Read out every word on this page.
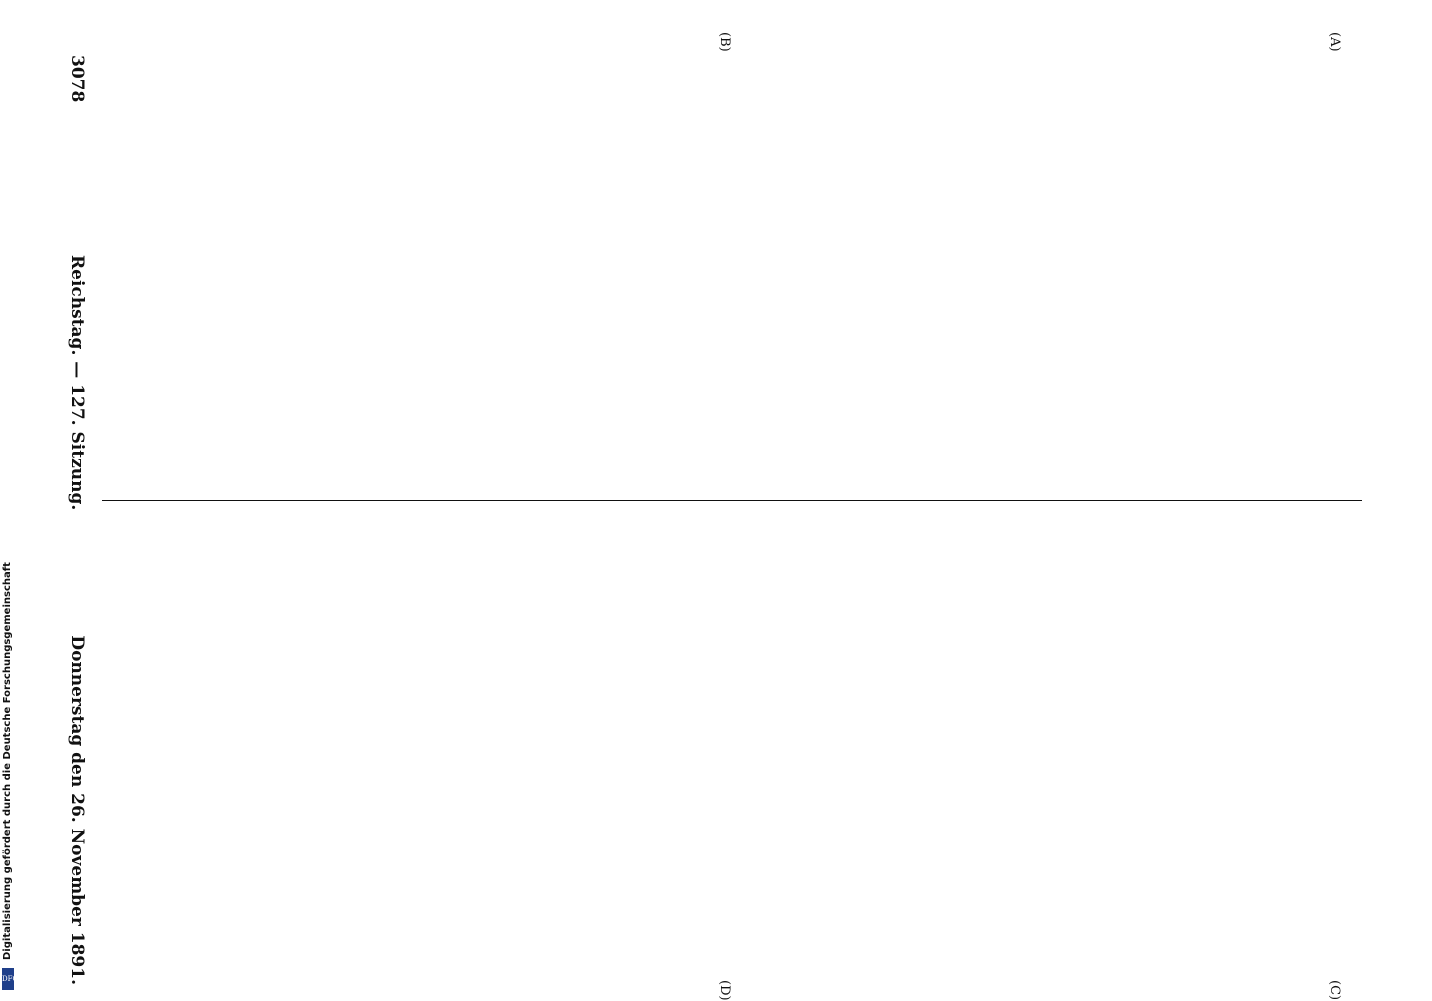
3078
Reichstag. — 127. Sitzung.
Donnerstag den 26. November 1891.
(A)
(B)
(C)
(D)
Digitalisierung gefördert durch die Deutsche Forschungsgemeinschaft
DFG
